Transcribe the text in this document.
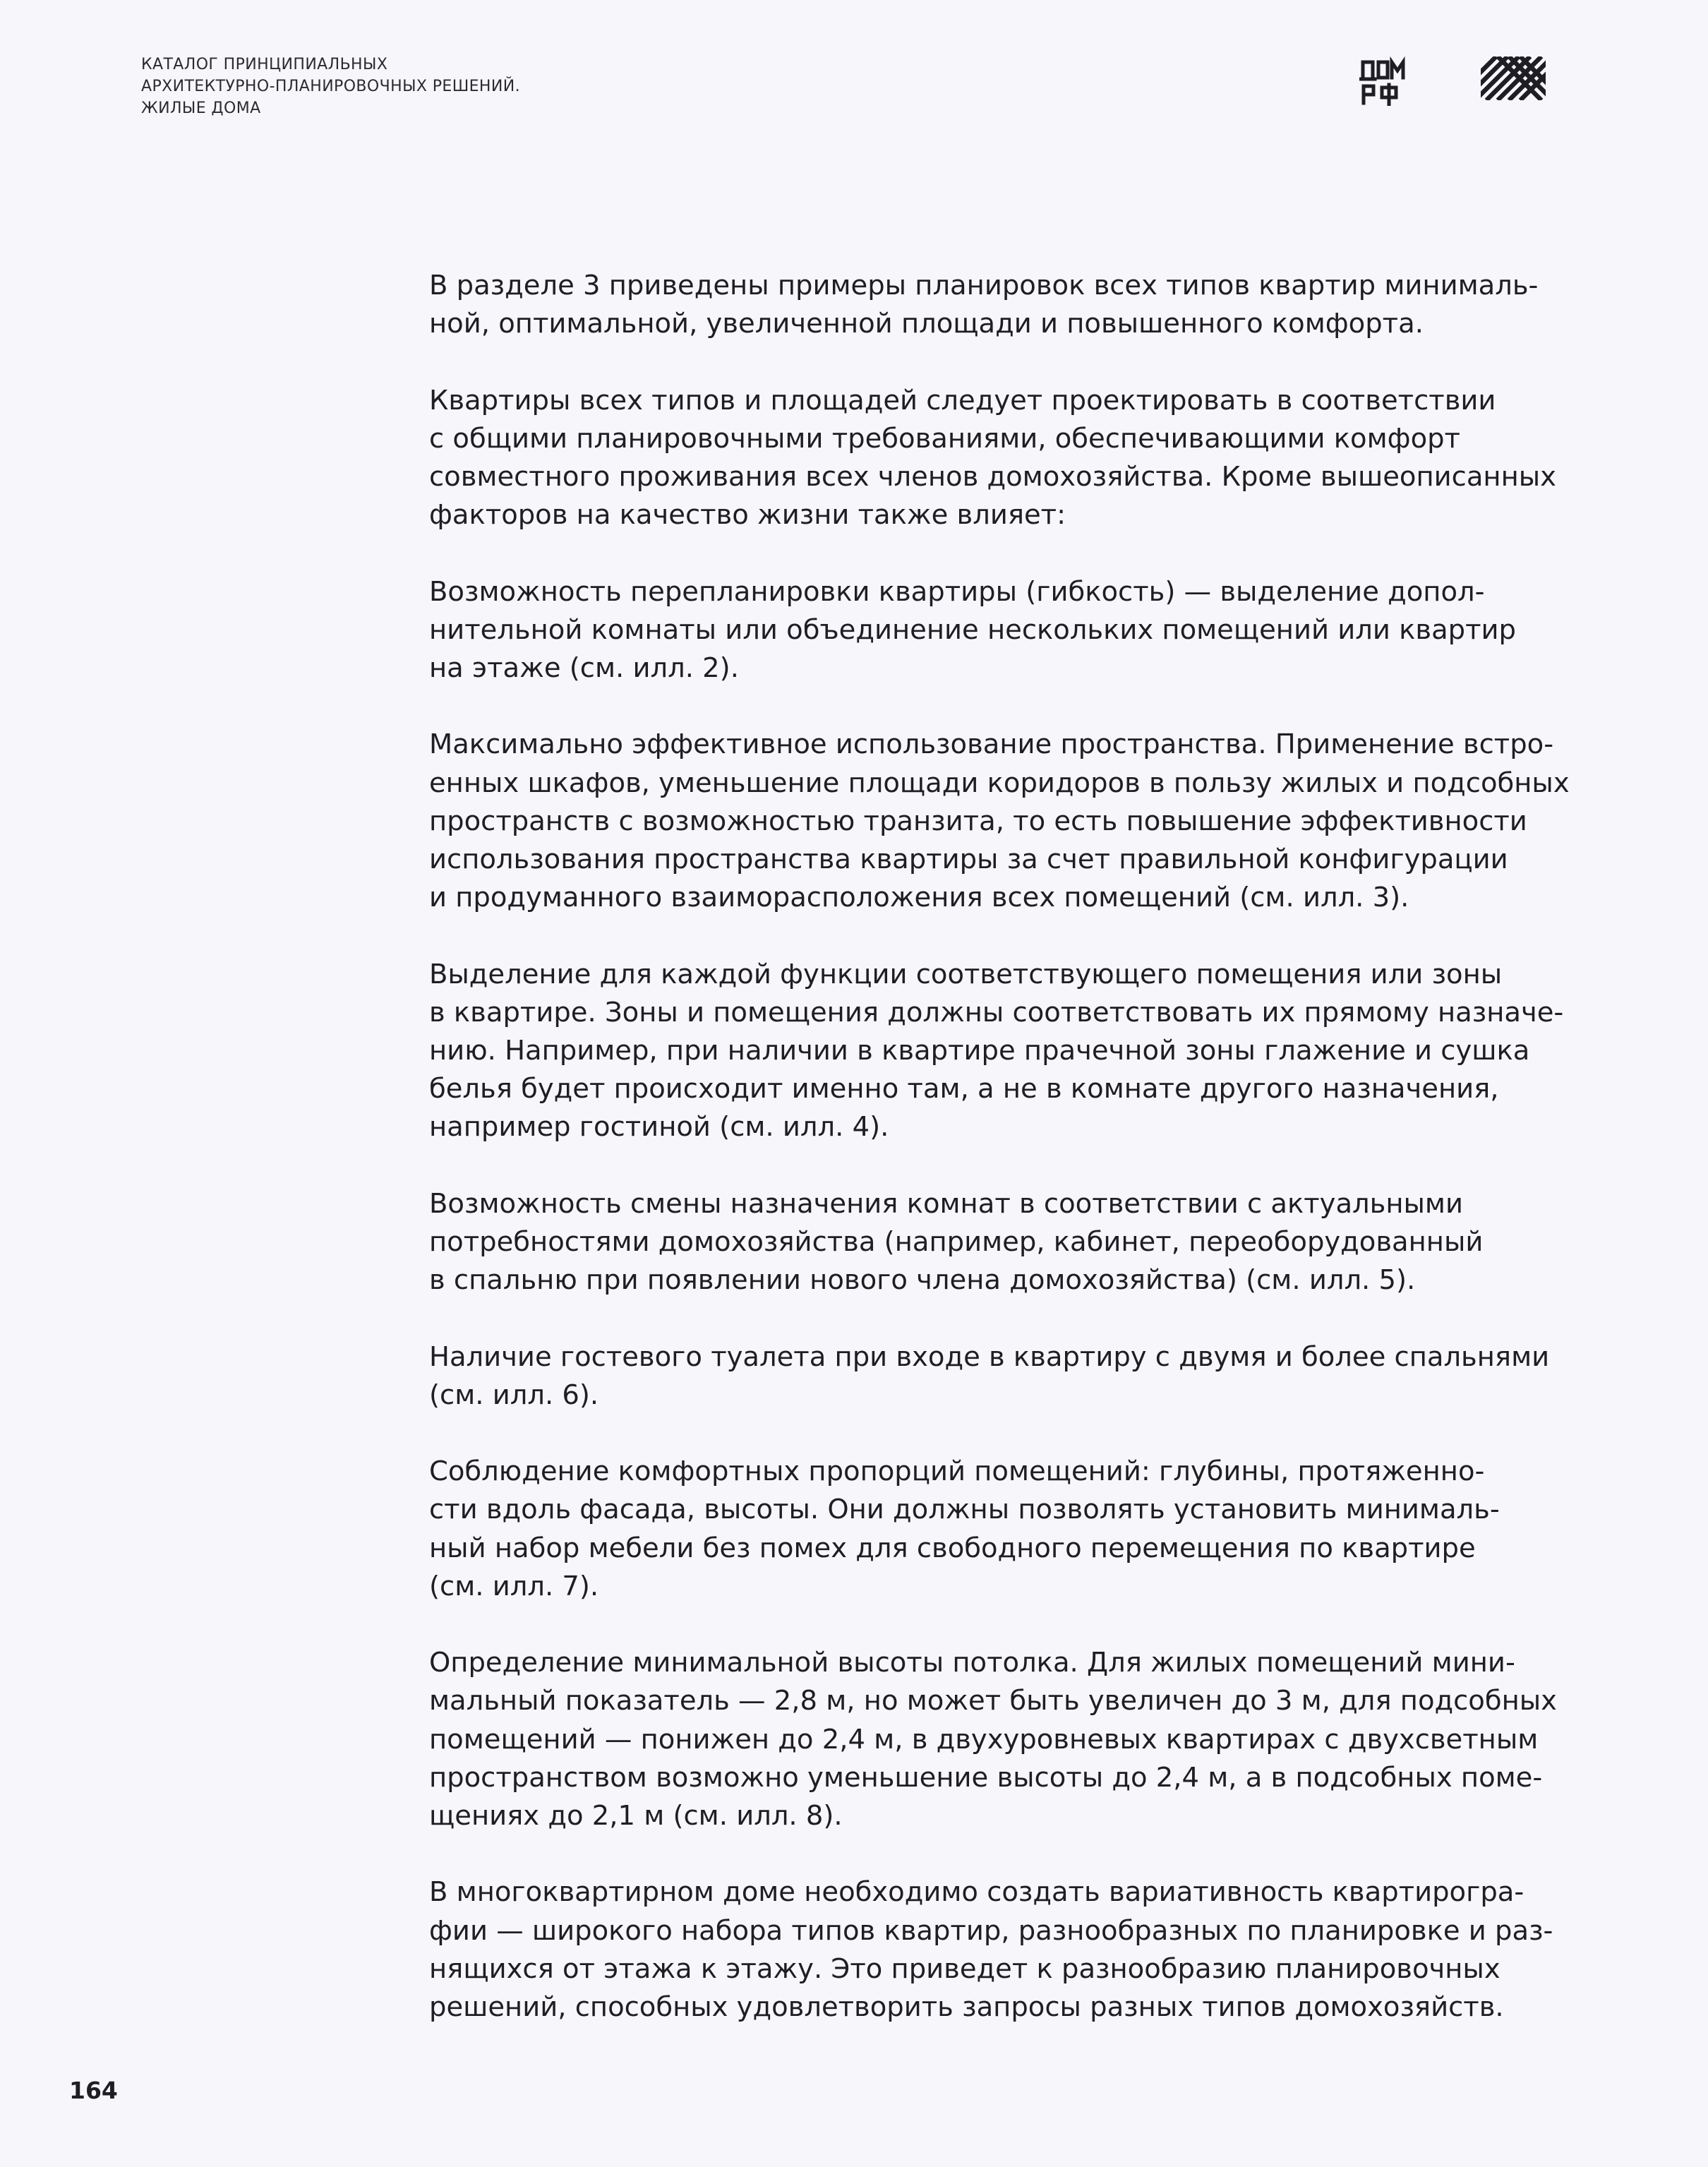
КАТАЛОГ ПРИНЦИПИАЛЬНЫХ
АРХИТЕКТУРНО-ПЛАНИРОВОЧНЫХ РЕШЕНИЙ.
ЖИЛЫЕ ДОМА

В разделе 3 приведены примеры планировок всех типов квартир минималь-
ной, оптимальной, увеличенной площади и повышенного комфорта.

Квартиры всех типов и площадей следует проектировать в соответствии
с общими планировочными требованиями, обеспечивающими комфорт
совместного проживания всех членов домохозяйства. Кроме вышеописанных
факторов на качество жизни также влияет:

Возможность перепланировки квартиры (гибкость) — выделение допол-
нительной комнаты или объединение нескольких помещений или квартир
на этаже (см. илл. 2).

Максимально эффективное использование пространства. Применение встро-
енных шкафов, уменьшение площади коридоров в пользу жилых и подсобных
пространств с возможностью транзита, то есть повышение эффективности
использования пространства квартиры за счет правильной конфигурации
и продуманного взаиморасположения всех помещений (см. илл. 3).

Выделение для каждой функции соответствующего помещения или зоны
в квартире. Зоны и помещения должны соответствовать их прямому назначе-
нию. Например, при наличии в квартире прачечной зоны глажение и сушка
белья будет происходит именно там, а не в комнате другого назначения,
например гостиной (см. илл. 4).

Возможность смены назначения комнат в соответствии с актуальными
потребностями домохозяйства (например, кабинет, переоборудованный
в спальню при появлении нового члена домохозяйства) (см. илл. 5).

Наличие гостевого туалета при входе в квартиру с двумя и более спальнями
(см. илл. 6).

Соблюдение комфортных пропорций помещений: глубины, протяженно-
сти вдоль фасада, высоты. Они должны позволять установить минималь-
ный набор мебели без помех для свободного перемещения по квартире
(см. илл. 7).

Определение минимальной высоты потолка. Для жилых помещений мини-
мальный показатель — 2,8 м, но может быть увеличен до 3 м, для подсобных
помещений — понижен до 2,4 м, в двухуровневых квартирах с двухсветным
пространством возможно уменьшение высоты до 2,4 м, а в подсобных поме-
щениях до 2,1 м (см. илл. 8).

В многоквартирном доме необходимо создать вариативность квартирогра-
фии — широкого набора типов квартир, разнообразных по планировке и раз-
нящихся от этажа к этажу. Это приведет к разнообразию планировочных
решений, способных удовлетворить запросы разных типов домохозяйств.

164
